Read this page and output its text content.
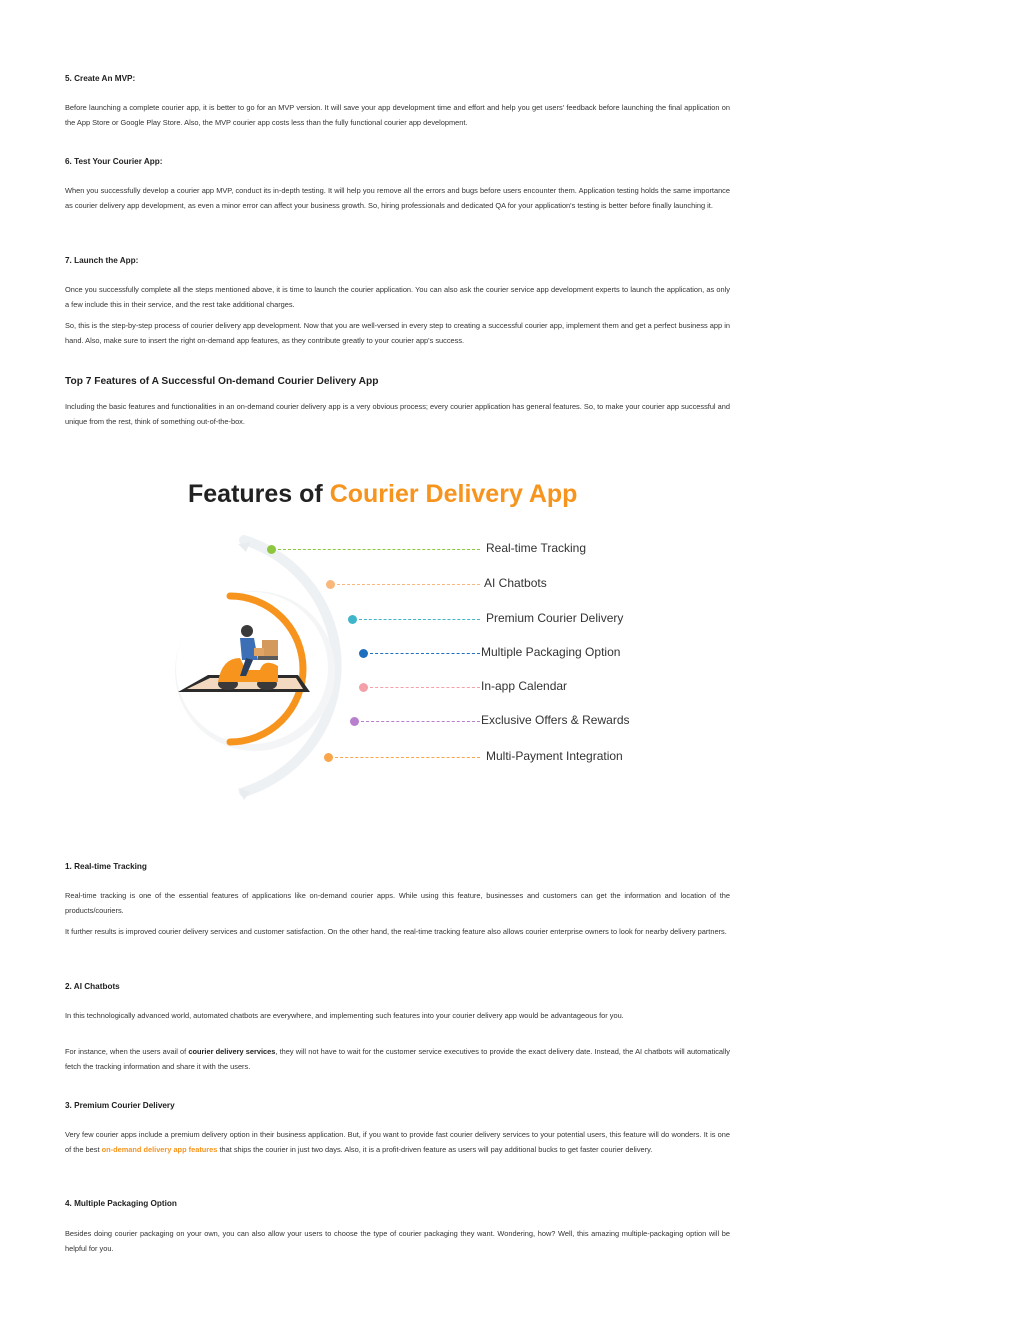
5. Create An MVP:

Before launching a complete courier app, it is better to go for an MVP version. It will save your app development time and effort and help you get users' feedback before launching the final application on the App Store or Google Play Store. Also, the MVP courier app costs less than the fully functional courier app development.

6. Test Your Courier App:

When you successfully develop a courier app MVP, conduct its in-depth testing. It will help you remove all the errors and bugs before users encounter them. Application testing holds the same importance as courier delivery app development, as even a minor error can affect your business growth. So, hiring professionals and dedicated QA for your application's testing is better before finally launching it.

7. Launch the App:

Once you successfully complete all the steps mentioned above, it is time to launch the courier application. You can also ask the courier service app development experts to launch the application, as only a few include this in their service, and the rest take additional charges.

So, this is the step-by-step process of courier delivery app development. Now that you are well-versed in every step to creating a successful courier app, implement them and get a perfect business app in hand. Also, make sure to insert the right on-demand app features, as they contribute greatly to your courier app's success.

Top 7 Features of A Successful On-demand Courier Delivery App

Including the basic features and functionalities in an on-demand courier delivery app is a very obvious process; every courier application has general features. So, to make your courier app successful and unique from the rest, think of something out-of-the-box.

Features of Courier Delivery App
Real-time Tracking
AI Chatbots
Premium Courier Delivery
Multiple Packaging Option
In-app Calendar
Exclusive Offers & Rewards
Multi-Payment Integration
1. Real-time Tracking

Real-time tracking is one of the essential features of applications like on-demand courier apps. While using this feature, businesses and customers can get the information and location of the products/couriers.

It further results is improved courier delivery services and customer satisfaction. On the other hand, the real-time tracking feature also allows courier enterprise owners to look for nearby delivery partners.

2. AI Chatbots

In this technologically advanced world, automated chatbots are everywhere, and implementing such features into your courier delivery app would be advantageous for you.

For instance, when the users avail of courier delivery services, they will not have to wait for the customer service executives to provide the exact delivery date. Instead, the AI chatbots will automatically fetch the tracking information and share it with the users.

3. Premium Courier Delivery

Very few courier apps include a premium delivery option in their business application. But, if you want to provide fast courier delivery services to your potential users, this feature will do wonders. It is one of the best on-demand delivery app features that ships the courier in just two days. Also, it is a profit-driven feature as users will pay additional bucks to get faster courier delivery.

4. Multiple Packaging Option

Besides doing courier packaging on your own, you can also allow your users to choose the type of courier packaging they want. Wondering, how? Well, this amazing multiple-packaging option will be helpful for you.
